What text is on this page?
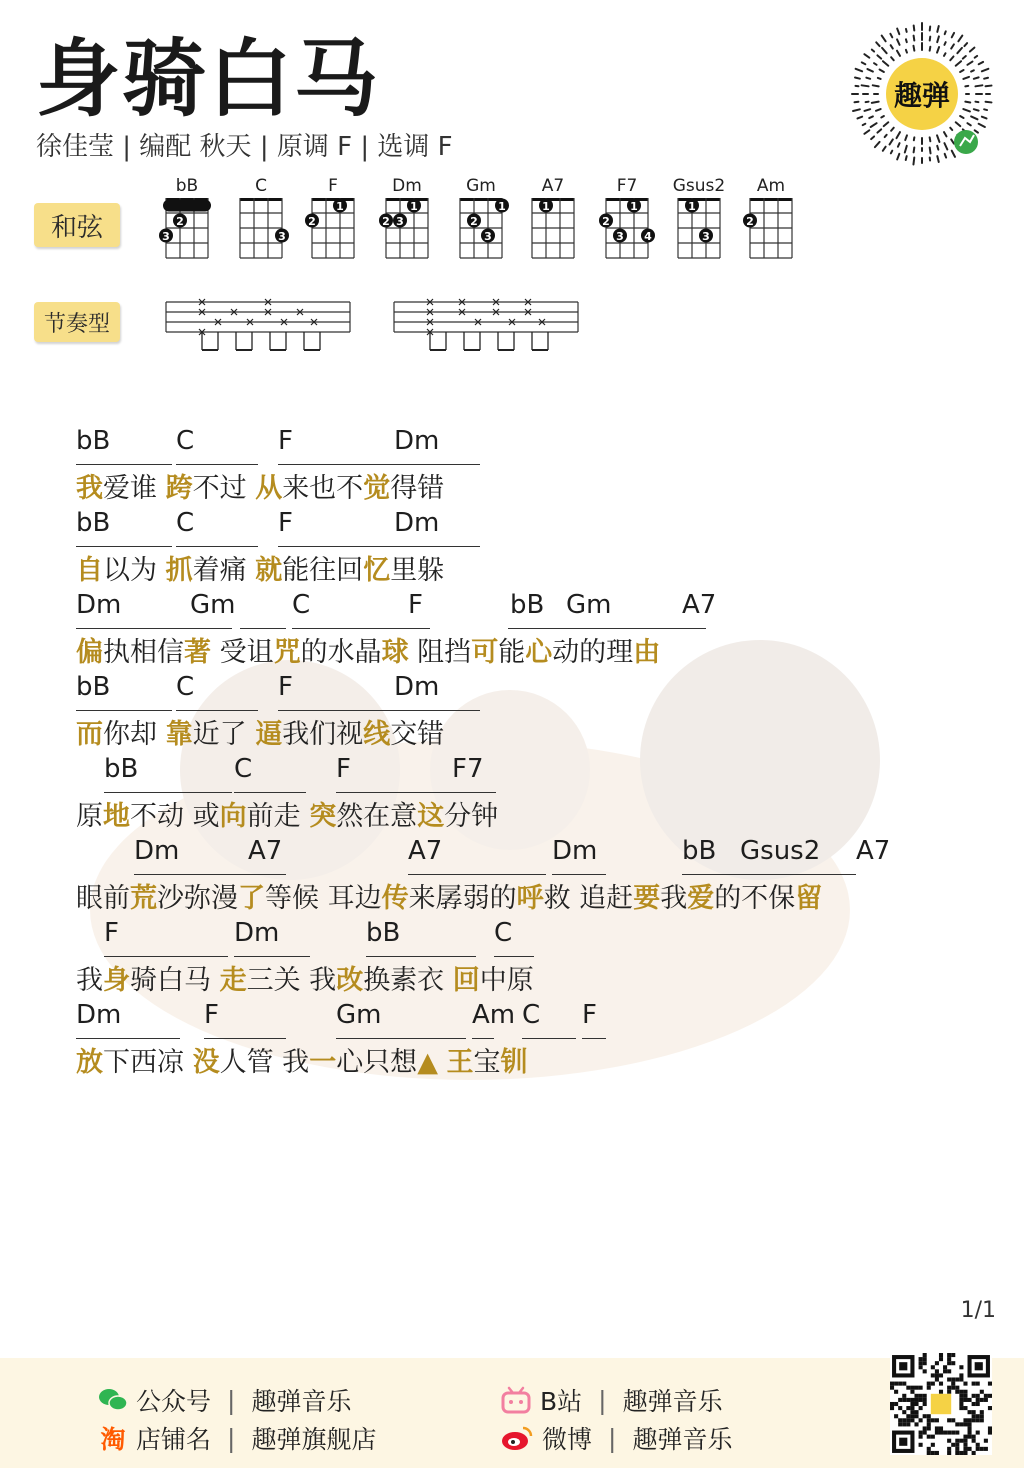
身骑白马
徐佳莹 | 编配 秋天 | 原调 F | 选调 F
趣弹
和弦
节奏型
bB
2
3
C
3
F
1
2
Dm
1
2 3
Gm
1
2
3
A7
1
F7
1
2
3 4
Gsus2
1
3
Am
2
bB	C	F	Dm
我爱谁 跨不过 从来也不觉得错
bB	C	F	Dm
自以为 抓着痛 就能往回忆里躲
Dm	Gm C	F	bB Gm	A7
偏执相信著 受诅咒的水晶球 阻挡可能心动的理由
bB	C	F	Dm
而你却 靠近了 逼我们视线交错
bB	C	F	F7
原地不动 或向前走 突然在意这分钟
Dm	A7	A7	Dm	bB Gsus2 A7
眼前荒沙弥漫了等候 耳边传来孱弱的呼救 追赶要我爱的不保留
F	Dm	bB	C
我身骑白马 走三关 我改换素衣 回中原
Dm	F	Gm	Am C F
放下西凉 没人管 我一心只想▲ 王宝钏
1/1
公众号 | 趣弹音乐
淘 店铺名 | 趣弹旗舰店
B站 | 趣弹音乐
微博 | 趣弹音乐
